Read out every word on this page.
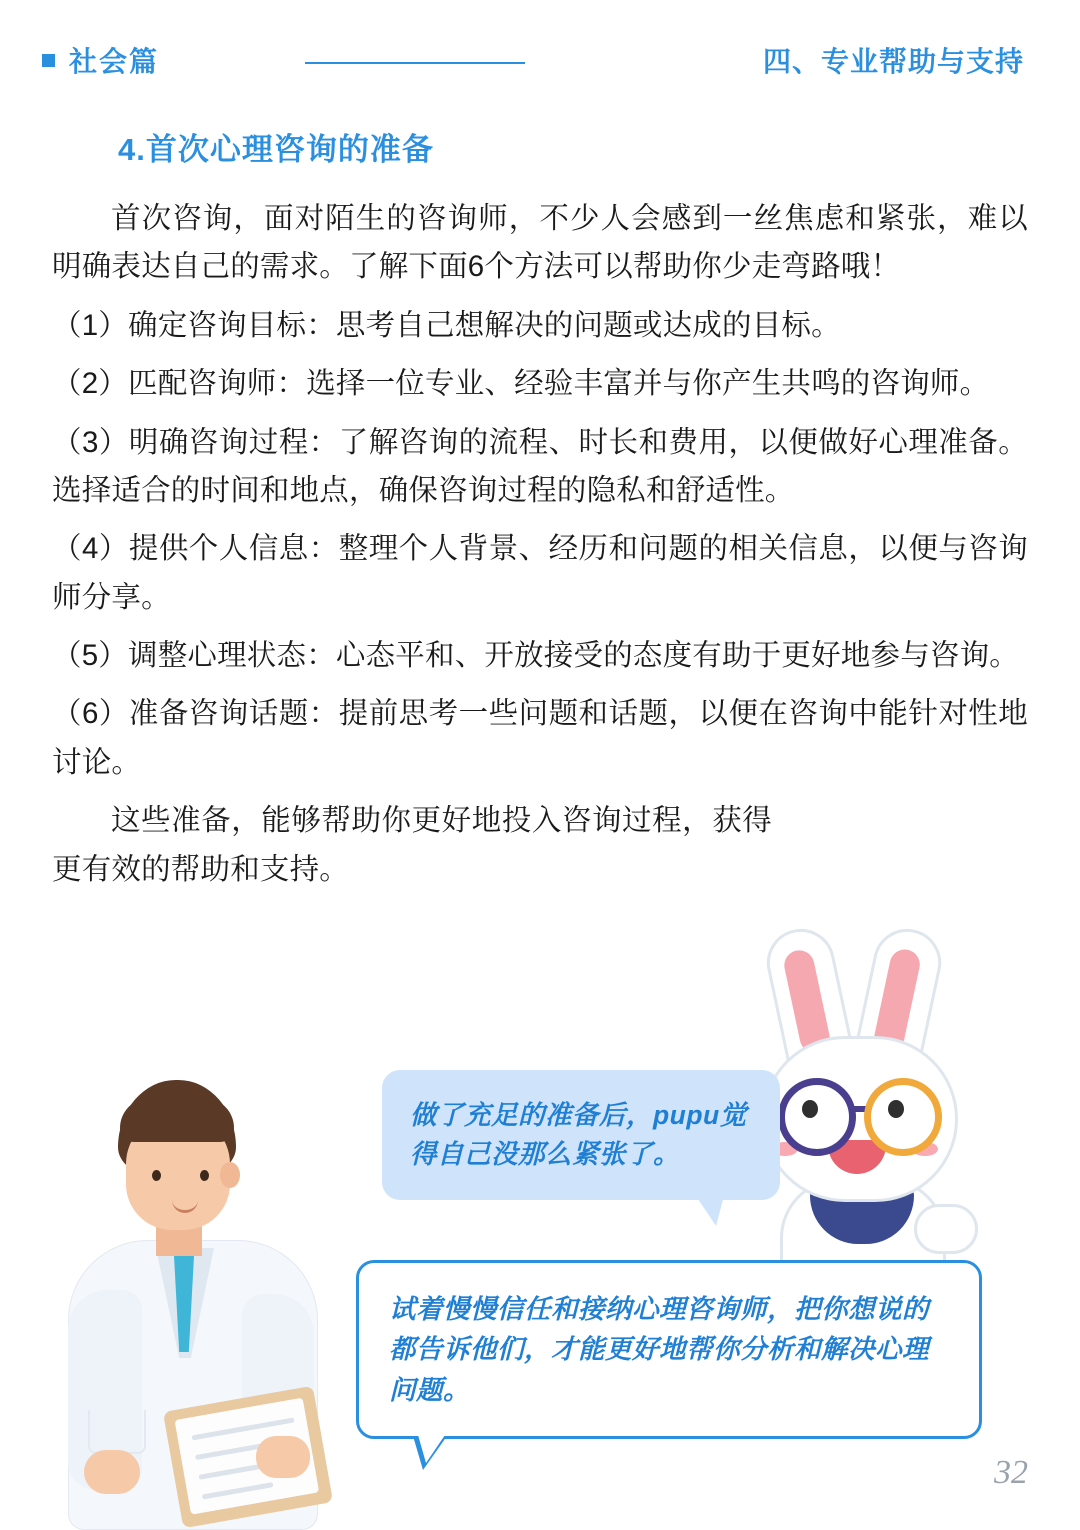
社会篇	四、专业帮助与支持
4.首次心理咨询的准备

首次咨询，面对陌生的咨询师，不少人会感到一丝焦虑和紧张，难以明确表达自己的需求。了解下面6个方法可以帮助你少走弯路哦！

（1）确定咨询目标：思考自己想解决的问题或达成的目标。

（2）匹配咨询师：选择一位专业、经验丰富并与你产生共鸣的咨询师。

（3）明确咨询过程：了解咨询的流程、时长和费用，以便做好心理准备。选择适合的时间和地点，确保咨询过程的隐私和舒适性。

（4）提供个人信息：整理个人背景、经历和问题的相关信息，以便与咨询师分享。

（5）调整心理状态：心态平和、开放接受的态度有助于更好地参与咨询。

（6）准备咨询话题：提前思考一些问题和话题，以便在咨询中能针对性地讨论。

这些准备，能够帮助你更好地投入咨询过程，获得更有效的帮助和支持。

做了充足的准备后，pupu觉得自己没那么紧张了。
试着慢慢信任和接纳心理咨询师，把你想说的都告诉他们，才能更好地帮你分析和解决心理问题。
32
